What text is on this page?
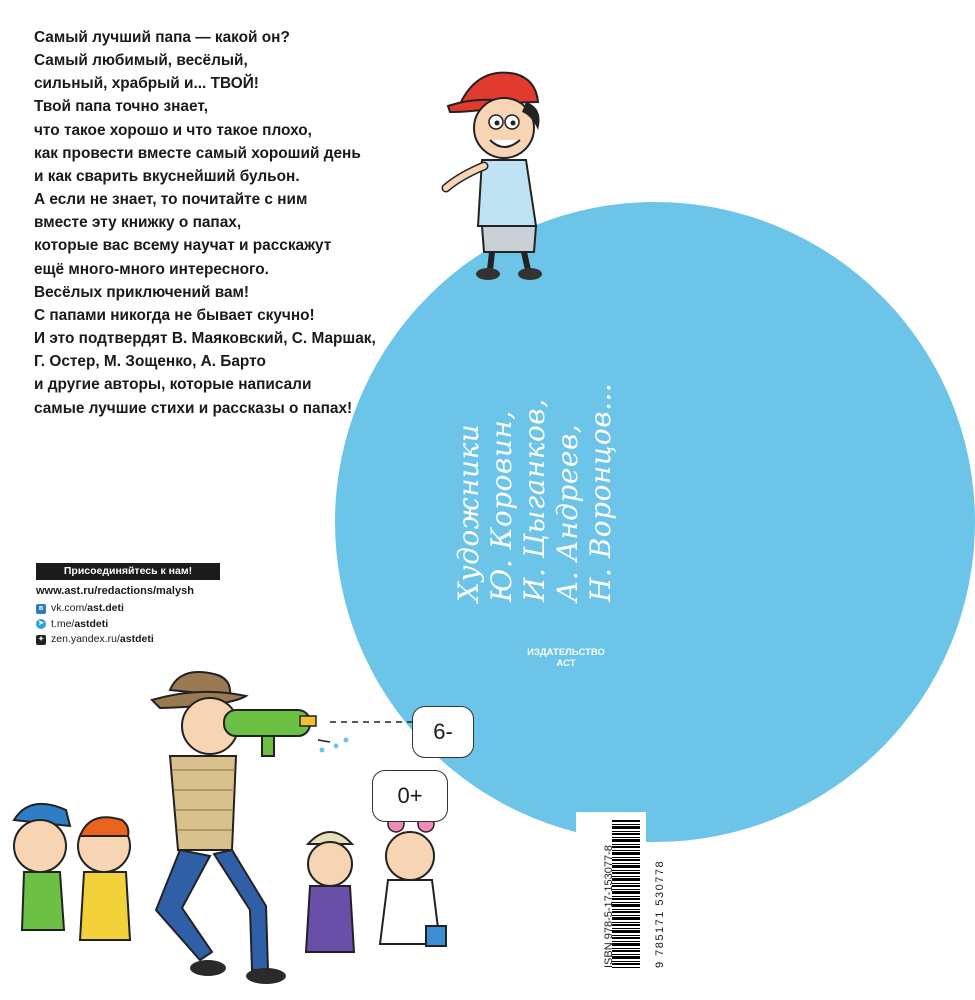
Самый лучший папа — какой он?
Самый любимый, весёлый,
сильный, храбрый и... ТВОЙ!
Твой папа точно знает,
что такое хорошо и что такое плохо,
как провести вместе самый хороший день
и как сварить вкуснейший бульон.
А если не знает, то почитайте с ним
вместе эту книжку о папах,
которые вас всему научат и расскажут
ещё много-много интересного.
Весёлых приключений вам!
С папами никогда не бывает скучно!
И это подтвердят В. Маяковский, С. Маршак,
Г. Остер, М. Зощенко, А. Барто
и другие авторы, которые написали
самые лучшие стихи и рассказы о папах!
Художники Ю. Коровин, И. Цыганков, А. Андреев, Н. Воронцов...
ИЗДАТЕЛЬСТВО
АСТ
Присоединяйтесь к нам!
www.ast.ru/redactions/malysh
в vk.com/ast.deti
➤ t.me/astdeti
✦ zen.yandex.ru/astdeti
6-
0+
ISBN 978-5-17-153077-8	9 785171 530778
